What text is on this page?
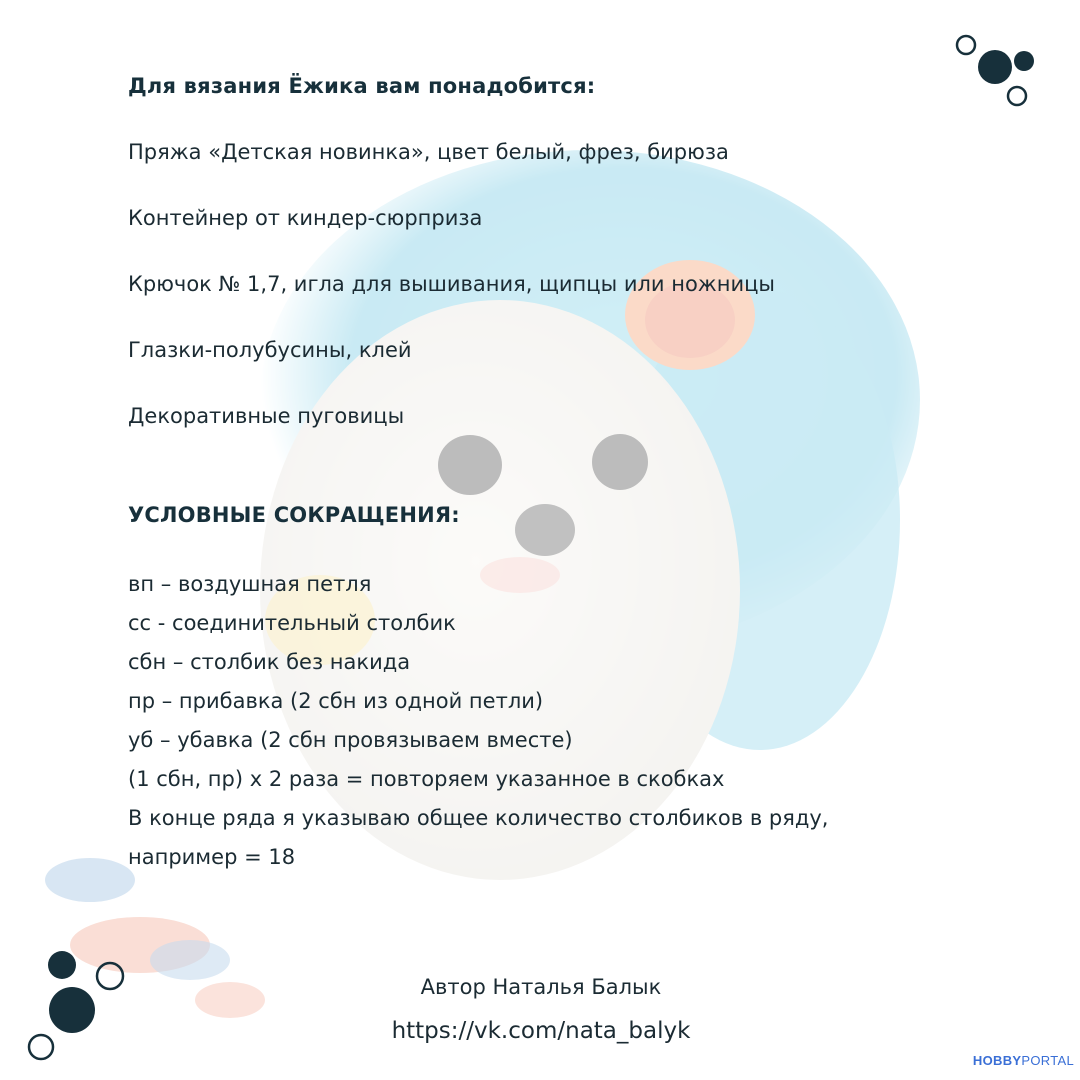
Для вязания Ёжика вам понадобится:
Пряжа «Детская новинка», цвет белый, фрез, бирюза
Контейнер от киндер-сюрприза
Крючок № 1,7, игла для вышивания, щипцы или ножницы
Глазки-полубусины, клей
Декоративные пуговицы
УСЛОВНЫЕ СОКРАЩЕНИЯ:
вп – воздушная петля
сс - соединительный столбик
сбн – столбик без накида
пр – прибавка (2 сбн из одной петли)
уб – убавка (2 сбн провязываем вместе)
(1 сбн, пр) х 2 раза = повторяем указанное в скобках
В конце ряда я указываю общее количество столбиков в ряду,
например = 18
Автор Наталья Балык
https://vk.com/nata_balyk
HOBBYPORTAL
